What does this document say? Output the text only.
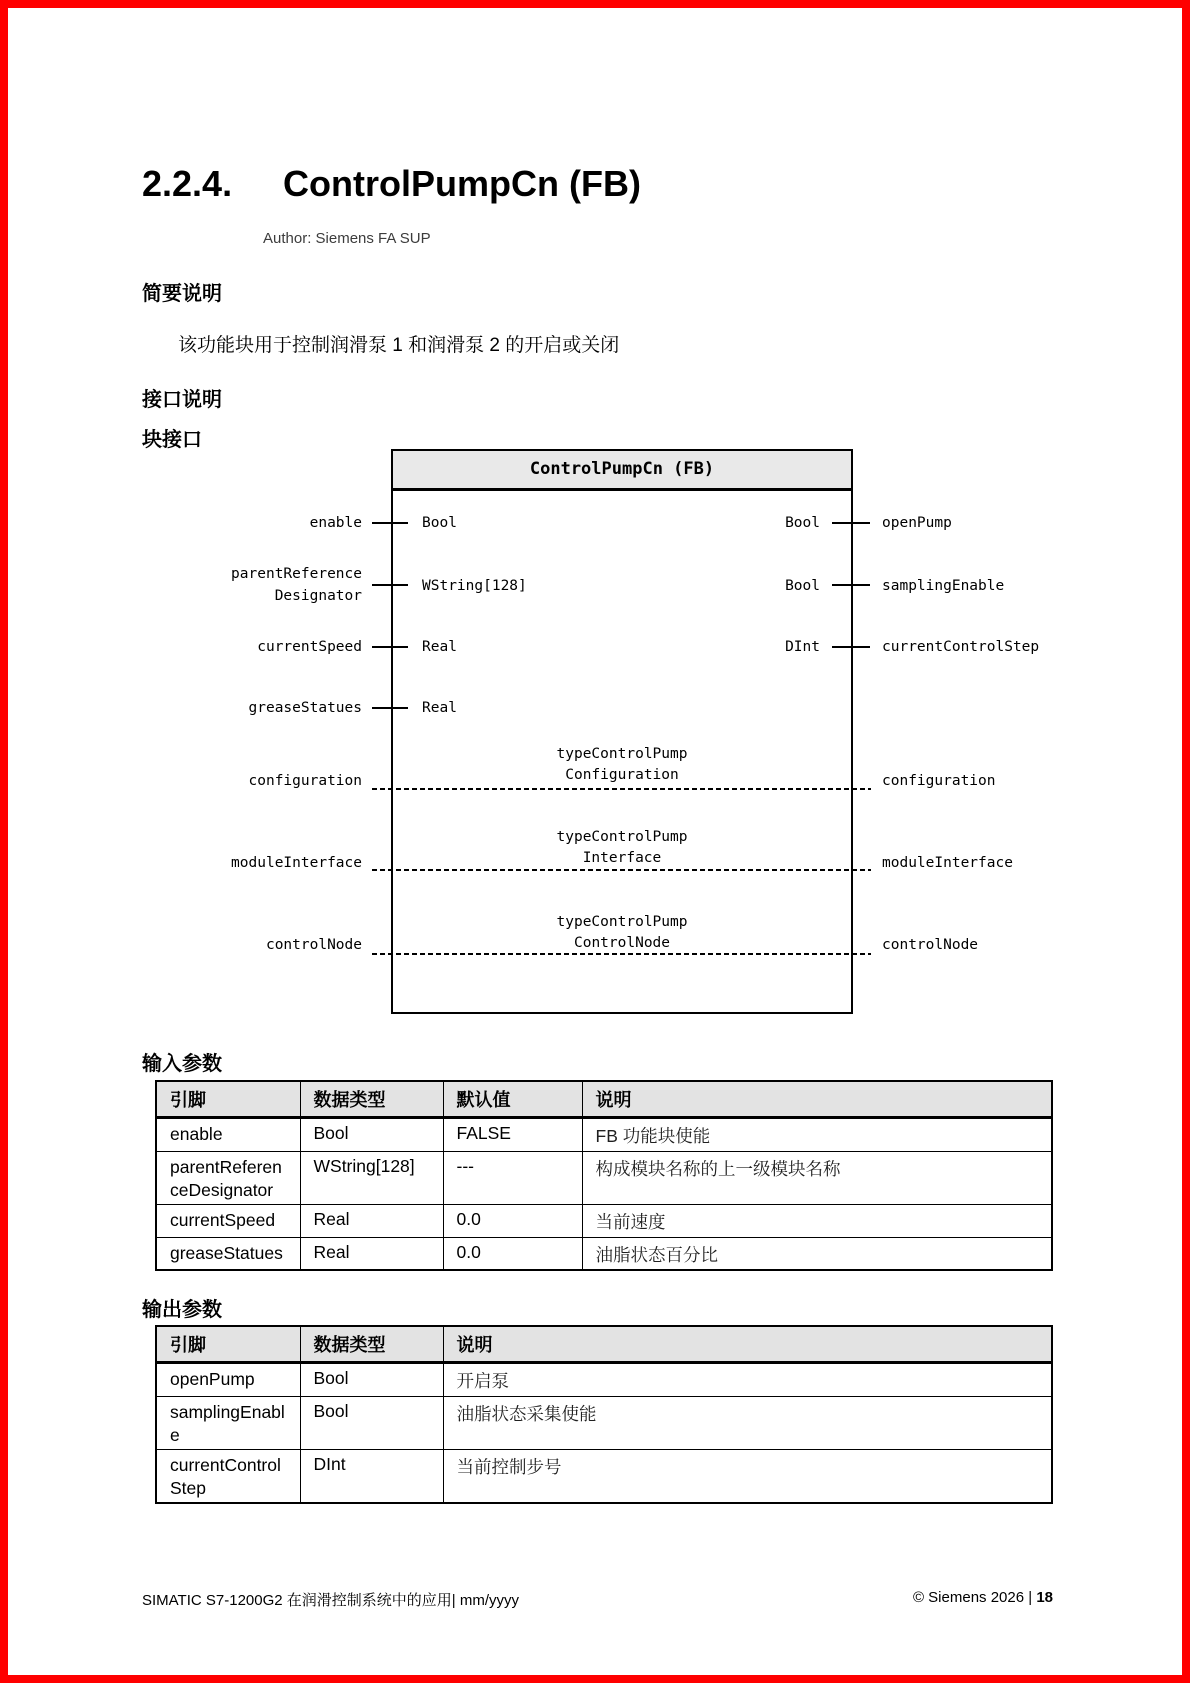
2.2.4. ControlPumpCn (FB)
Author: Siemens FA SUP
简要说明
该功能块用于控制润滑泵 1 和润滑泵 2 的开启或关闭
接口说明
块接口
ControlPumpCn (FB)
enable
parentReference
Designator
currentSpeed
greaseStatues
Bool
WString[128]
Real
Real
Bool
Bool
DInt
openPump
samplingEnable
currentControlStep
typeControlPump
Configuration
configuration	configuration
typeControlPump
Interface
moduleInterface	moduleInterface
typeControlPump
ControlNode
controlNode	controlNode
输入参数
引脚	数据类型	默认值	说明
enable	Bool	FALSE	FB 功能块使能
parentReferenceDesignator	WString[128]	---	构成模块名称的上一级模块名称
currentSpeed	Real	0.0	当前速度
greaseStatues	Real	0.0	油脂状态百分比
输出参数
引脚	数据类型	说明
openPump	Bool	开启泵
samplingEnable	Bool	油脂状态采集使能
currentControlStep	DInt	当前控制步号
SIMATIC S7-1200G2 在润滑控制系统中的应用| mm/yyyy	© Siemens 2026 | 18
